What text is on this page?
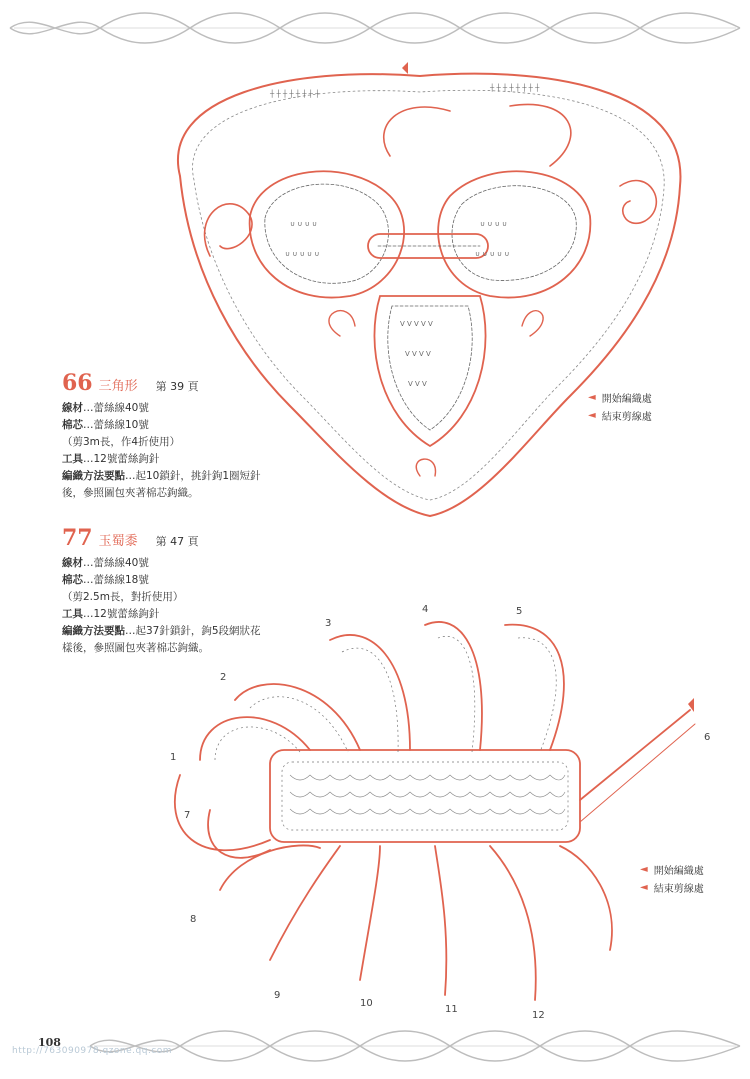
V V V V V
V V V V
V V V
∪ ∪ ∪ ∪
∪ ∪ ∪ ∪ ∪
∪ ∪ ∪ ∪
∪ ∪ ∪ ∪ ∪
┼ ┼ ┼ ┼ ┼ ┼ ┼ ┼
┼ ┼ ┼ ┼ ┼ ┼ ┼ ┼
66 三角形 第 39 頁
線材…蕾絲線40號
棉芯…蕾絲線10號
（剪3m長，作4折使用）
工具…12號蕾絲鉤針
編織方法要點…起10鎖針，挑針鉤1圈短針
後，參照圖包夾著棉芯鉤織。
◄ 開始編織處
◄ 結束剪線處
77 玉蜀黍 第 47 頁
線材…蕾絲線40號
棉芯…蕾絲線18號
（剪2.5m長，對折使用）
工具…12號蕾絲鉤針
編織方法要點…起37針鎖針，鉤5段網狀花
樣後，參照圖包夾著棉芯鉤織。
1
2
3
4	5
6
7
8
9
10
11
12
◄ 開始編織處
◄ 結束剪線處
108
http://763090978.qzone.qq.com
